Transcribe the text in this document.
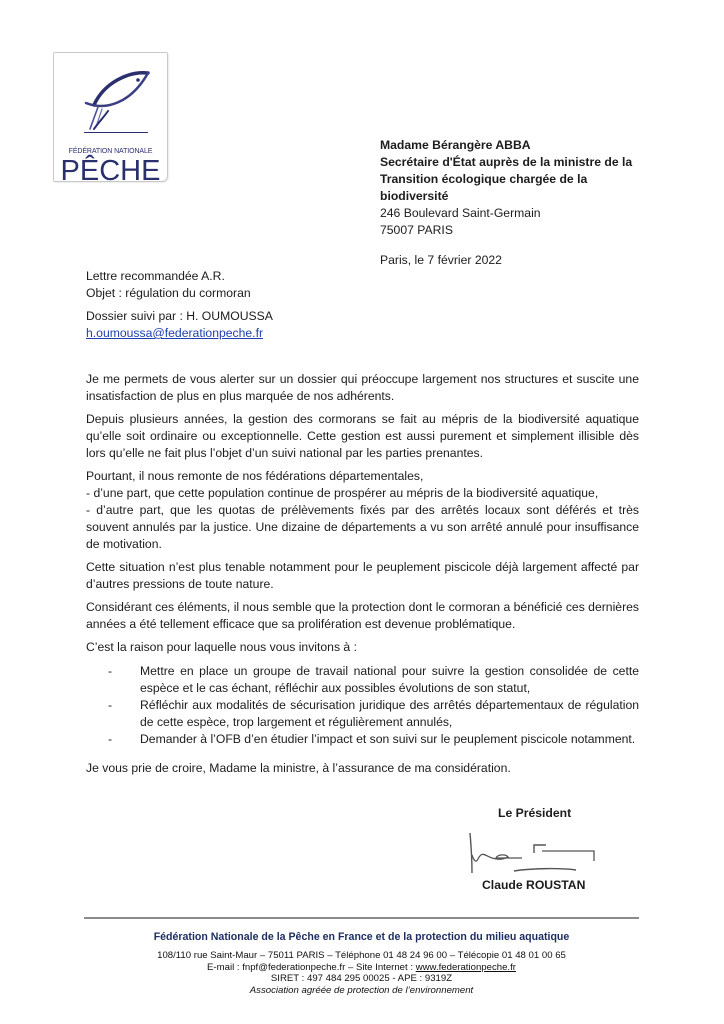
FÉDÉRATION NATIONALE
PÊCHE
Madame Bérangère ABBA
Secrétaire d'État auprès de la ministre de la
Transition écologique chargée de la
biodiversité
246 Boulevard Saint-Germain
75007 PARIS
Paris, le 7 février 2022
Lettre recommandée A.R.
Objet : régulation du cormoran
Dossier suivi par : H. OUMOUSSA
h.oumoussa@federationpeche.fr

Je me permets de vous alerter sur un dossier qui préoccupe largement nos structures et suscite une insatisfaction de plus en plus marquée de nos adhérents.

Depuis plusieurs années, la gestion des cormorans se fait au mépris de la biodiversité aquatique qu’elle soit ordinaire ou exceptionnelle. Cette gestion est aussi purement et simplement illisible dès lors qu’elle ne fait plus l’objet d’un suivi national par les parties prenantes.

Pourtant, il nous remonte de nos fédérations départementales,

- d’une part, que cette population continue de prospérer au mépris de la biodiversité aquatique,

- d’autre part, que les quotas de prélèvements fixés par des arrêtés locaux sont déférés et très souvent annulés par la justice. Une dizaine de départements a vu son arrêté annulé pour insuffisance de motivation.

Cette situation n’est plus tenable notamment pour le peuplement piscicole déjà largement affecté par d’autres pressions de toute nature.

Considérant ces éléments, il nous semble que la protection dont le cormoran a bénéficié ces dernières années a été tellement efficace que sa prolifération est devenue problématique.

C’est la raison pour laquelle nous vous invitons à :

- Mettre en place un groupe de travail national pour suivre la gestion consolidée de cette espèce et le cas échant, réfléchir aux possibles évolutions de son statut,
- Réfléchir aux modalités de sécurisation juridique des arrêtés départementaux de régulation de cette espèce, trop largement et régulièrement annulés,
- Demander à l’OFB d’en étudier l’impact et son suivi sur le peuplement piscicole notamment.
Je vous prie de croire, Madame la ministre, à l’assurance de ma considération.
Le Président
Claude ROUSTAN
Fédération Nationale de la Pêche en France et de la protection du milieu aquatique
108/110 rue Saint-Maur – 75011 PARIS – Téléphone 01 48 24 96 00 – Télécopie 01 48 01 00 65
E-mail : fnpf@federationpeche.fr – Site Internet : www.federationpeche.fr
SIRET : 497 484 295 00025 - APE : 9319Z
Association agréée de protection de l’environnement
